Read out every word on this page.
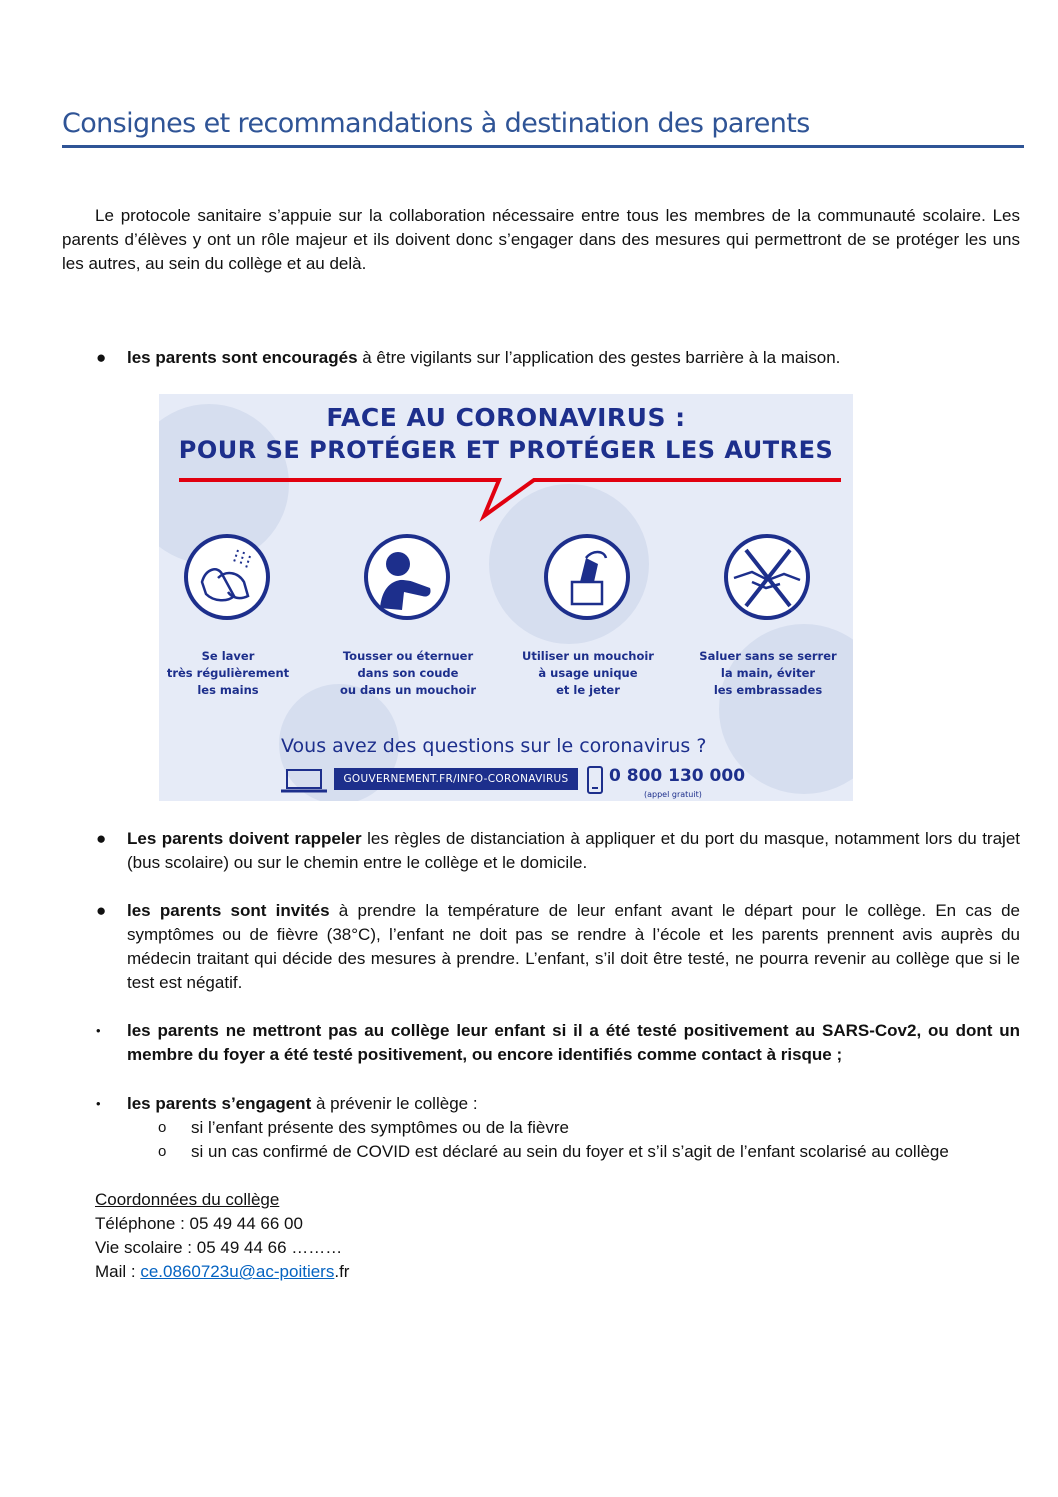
Consignes et recommandations à destination des parents

Le protocole sanitaire s’appuie sur la collaboration nécessaire entre tous les membres de la communauté scolaire. Les parents d’élèves y ont un rôle majeur et ils doivent donc s’engager dans des mesures qui permettront de se protéger les uns les autres, au sein du collège et au delà.

● les parents sont encouragés à être vigilants sur l’application des gestes barrière à la maison.

FACE AU CORONAVIRUS :
POUR SE PROTÉGER ET PROTÉGER LES AUTRES
Se laver
très régulièrement
les mains
Tousser ou éternuer
dans son coude
ou dans un mouchoir
Utiliser un mouchoir
à usage unique
et le jeter
Saluer sans se serrer
la main, éviter
les embrassades
Vous avez des questions sur le coronavirus ?
GOUVERNEMENT.FR/INFO-CORONAVIRUS	0 800 130 000
(appel gratuit)
● Les parents doivent rappeler les règles de distanciation à appliquer et du port du masque, notamment lors du trajet (bus scolaire) ou sur le chemin entre le collège et le domicile.

● les parents sont invités à prendre la température de leur enfant avant le départ pour le collège. En cas de symptômes ou de fièvre (38°C), l’enfant ne doit pas se rendre à l’école et les parents prennent avis auprès du médecin traitant qui décide des mesures à prendre. L’enfant, s’il doit être testé, ne pourra revenir au collège que si le test est négatif.

• les parents ne mettront pas au collège leur enfant si il a été testé positivement au SARS-Cov2, ou dont un membre du foyer a été testé positivement, ou encore identifiés comme contact à risque ;

• les parents s’engagent à prévenir le collège :

o si l’enfant présente des symptômes ou de la fièvre
o si un cas confirmé de COVID est déclaré au sein du foyer et s’il s’agit de l’enfant scolarisé au collège
Coordonnées du collège
Téléphone : 05 49 44 66 00
Vie scolaire : 05 49 44 66 ………
Mail : ce.0860723u@ac-poitiers.fr
